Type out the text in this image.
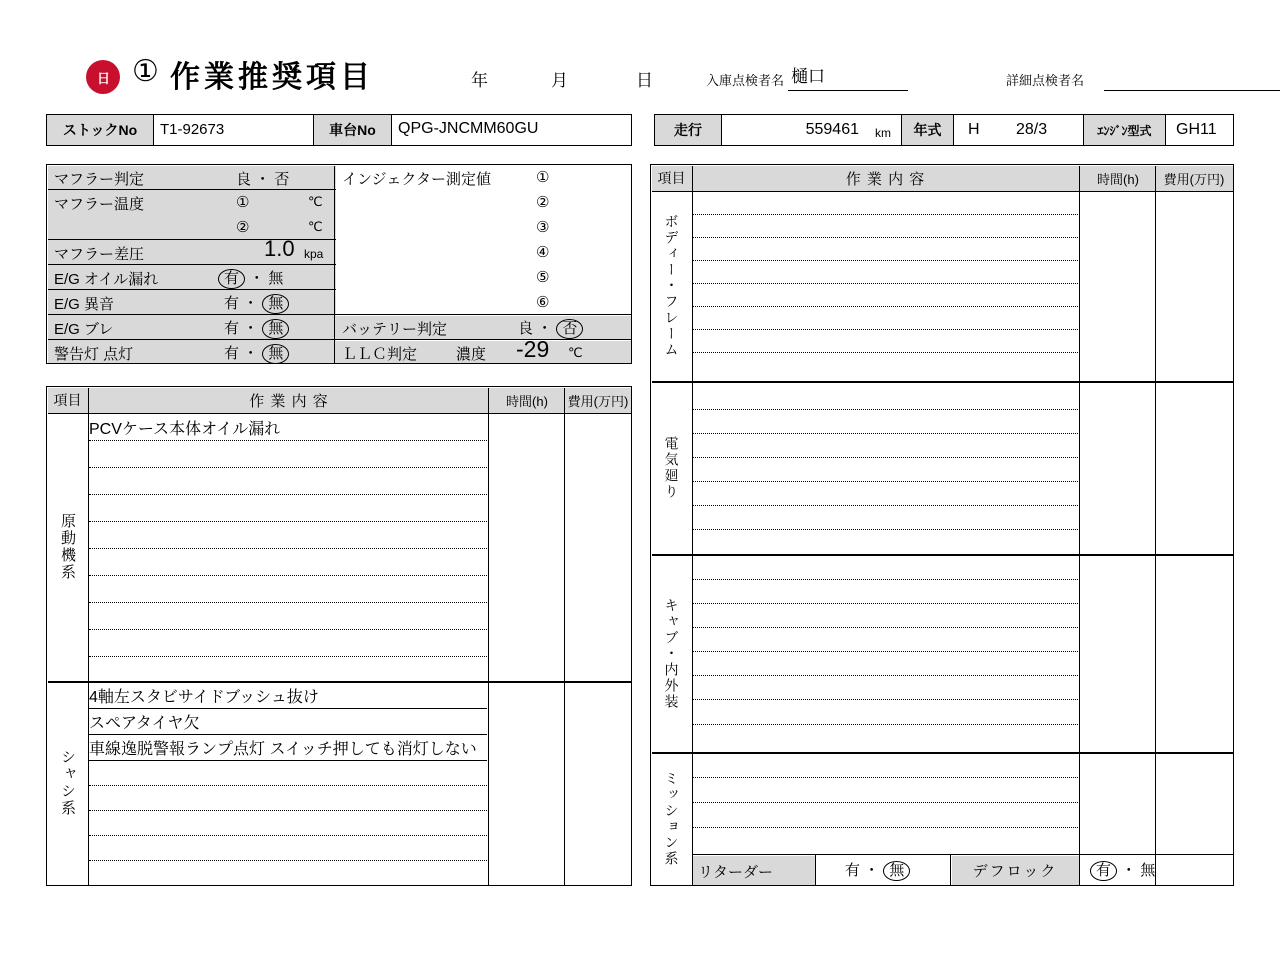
日 ① 作業推奨項目	年	月	日	入庫点検者名 樋口	詳細点検者名
ストックNo	T1-92673	車台No	QPG-JNCMM60GU	走行	559461 km	年式	H 28/3	ｴﾝｼﾞﾝ型式	GH11
マフラー判定	良 ・ 否
マフラー温度	①	℃
②	℃
マフラー差圧	1.0 kpa
E/G オイル漏れ	有 ・ 無
E/G 異音	有 ・ 無
E/G ブレ	有 ・ 無
警告灯 点灯	有 ・ 無
インジェクター測定値	①
②
③
④
⑤
⑥
バッテリー判定	良 ・ 否
ＬＬＣ判定	濃度 -29 ℃
項目	作 業 内 容	時間(h)	費用(万円)
原動機系
PCVケース本体オイル漏れ
シャシ系
4軸左スタビサイドブッシュ抜け
スペアタイヤ欠
車線逸脱警報ランプ点灯 スイッチ押しても消灯しない
項目	作 業 内 容	時間(h)	費用(万円)
ボディー・フレーム
電気廻り
キャブ・内外装
ミッション系
リターダー	有 ・ 無	デフロック	有 ・ 無
